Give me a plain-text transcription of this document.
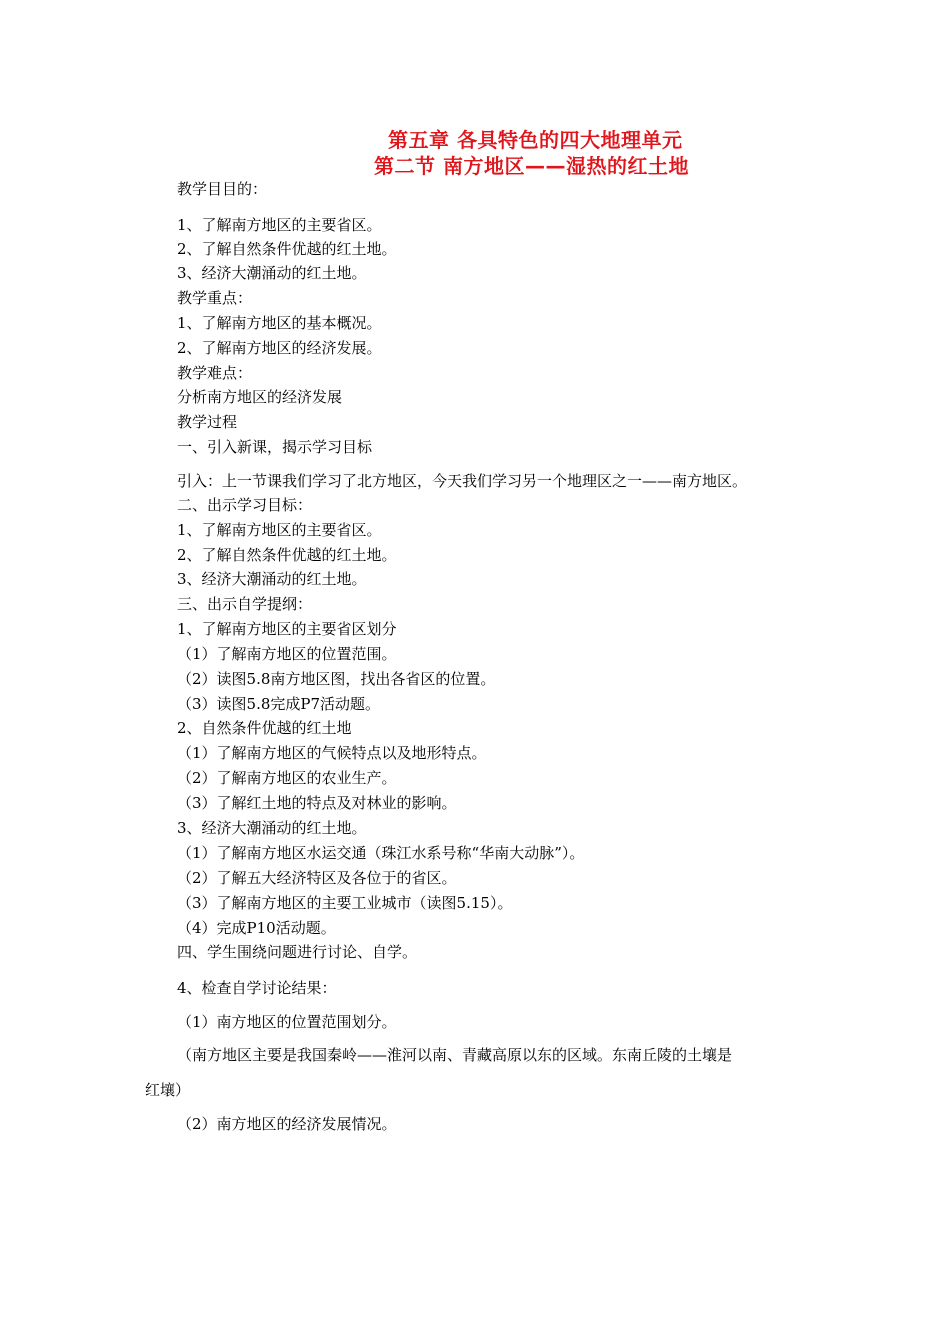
第五章 各具特色的四大地理单元
第二节 南方地区——湿热的红土地
教学目目的：
1、了解南方地区的主要省区。
2、了解自然条件优越的红土地。
3、经济大潮涌动的红土地。
教学重点：
1、了解南方地区的基本概况。
2、了解南方地区的经济发展。
教学难点：
分析南方地区的经济发展
教学过程
一、引入新课，揭示学习目标
引入：上一节课我们学习了北方地区，今天我们学习另一个地理区之一——南方地区。
二、出示学习目标：
1、了解南方地区的主要省区。
2、了解自然条件优越的红土地。
3、经济大潮涌动的红土地。
三、出示自学提纲：
1、了解南方地区的主要省区划分
（1）了解南方地区的位置范围。
（2）读图5.8南方地区图，找出各省区的位置。
（3）读图5.8完成P7活动题。
2、自然条件优越的红土地
（1）了解南方地区的气候特点以及地形特点。
（2）了解南方地区的农业生产。
（3）了解红土地的特点及对林业的影响。
3、经济大潮涌动的红土地。
（1）了解南方地区水运交通（珠江水系号称“华南大动脉”）。
（2）了解五大经济特区及各位于的省区。
（3）了解南方地区的主要工业城市（读图5.15）。
（4）完成P10活动题。
四、学生围绕问题进行讨论、自学。
4、检查自学讨论结果：
（1）南方地区的位置范围划分。
（南方地区主要是我国秦岭——淮河以南、青藏高原以东的区域。东南丘陵的土壤是
红壤）
（2）南方地区的经济发展情况。
